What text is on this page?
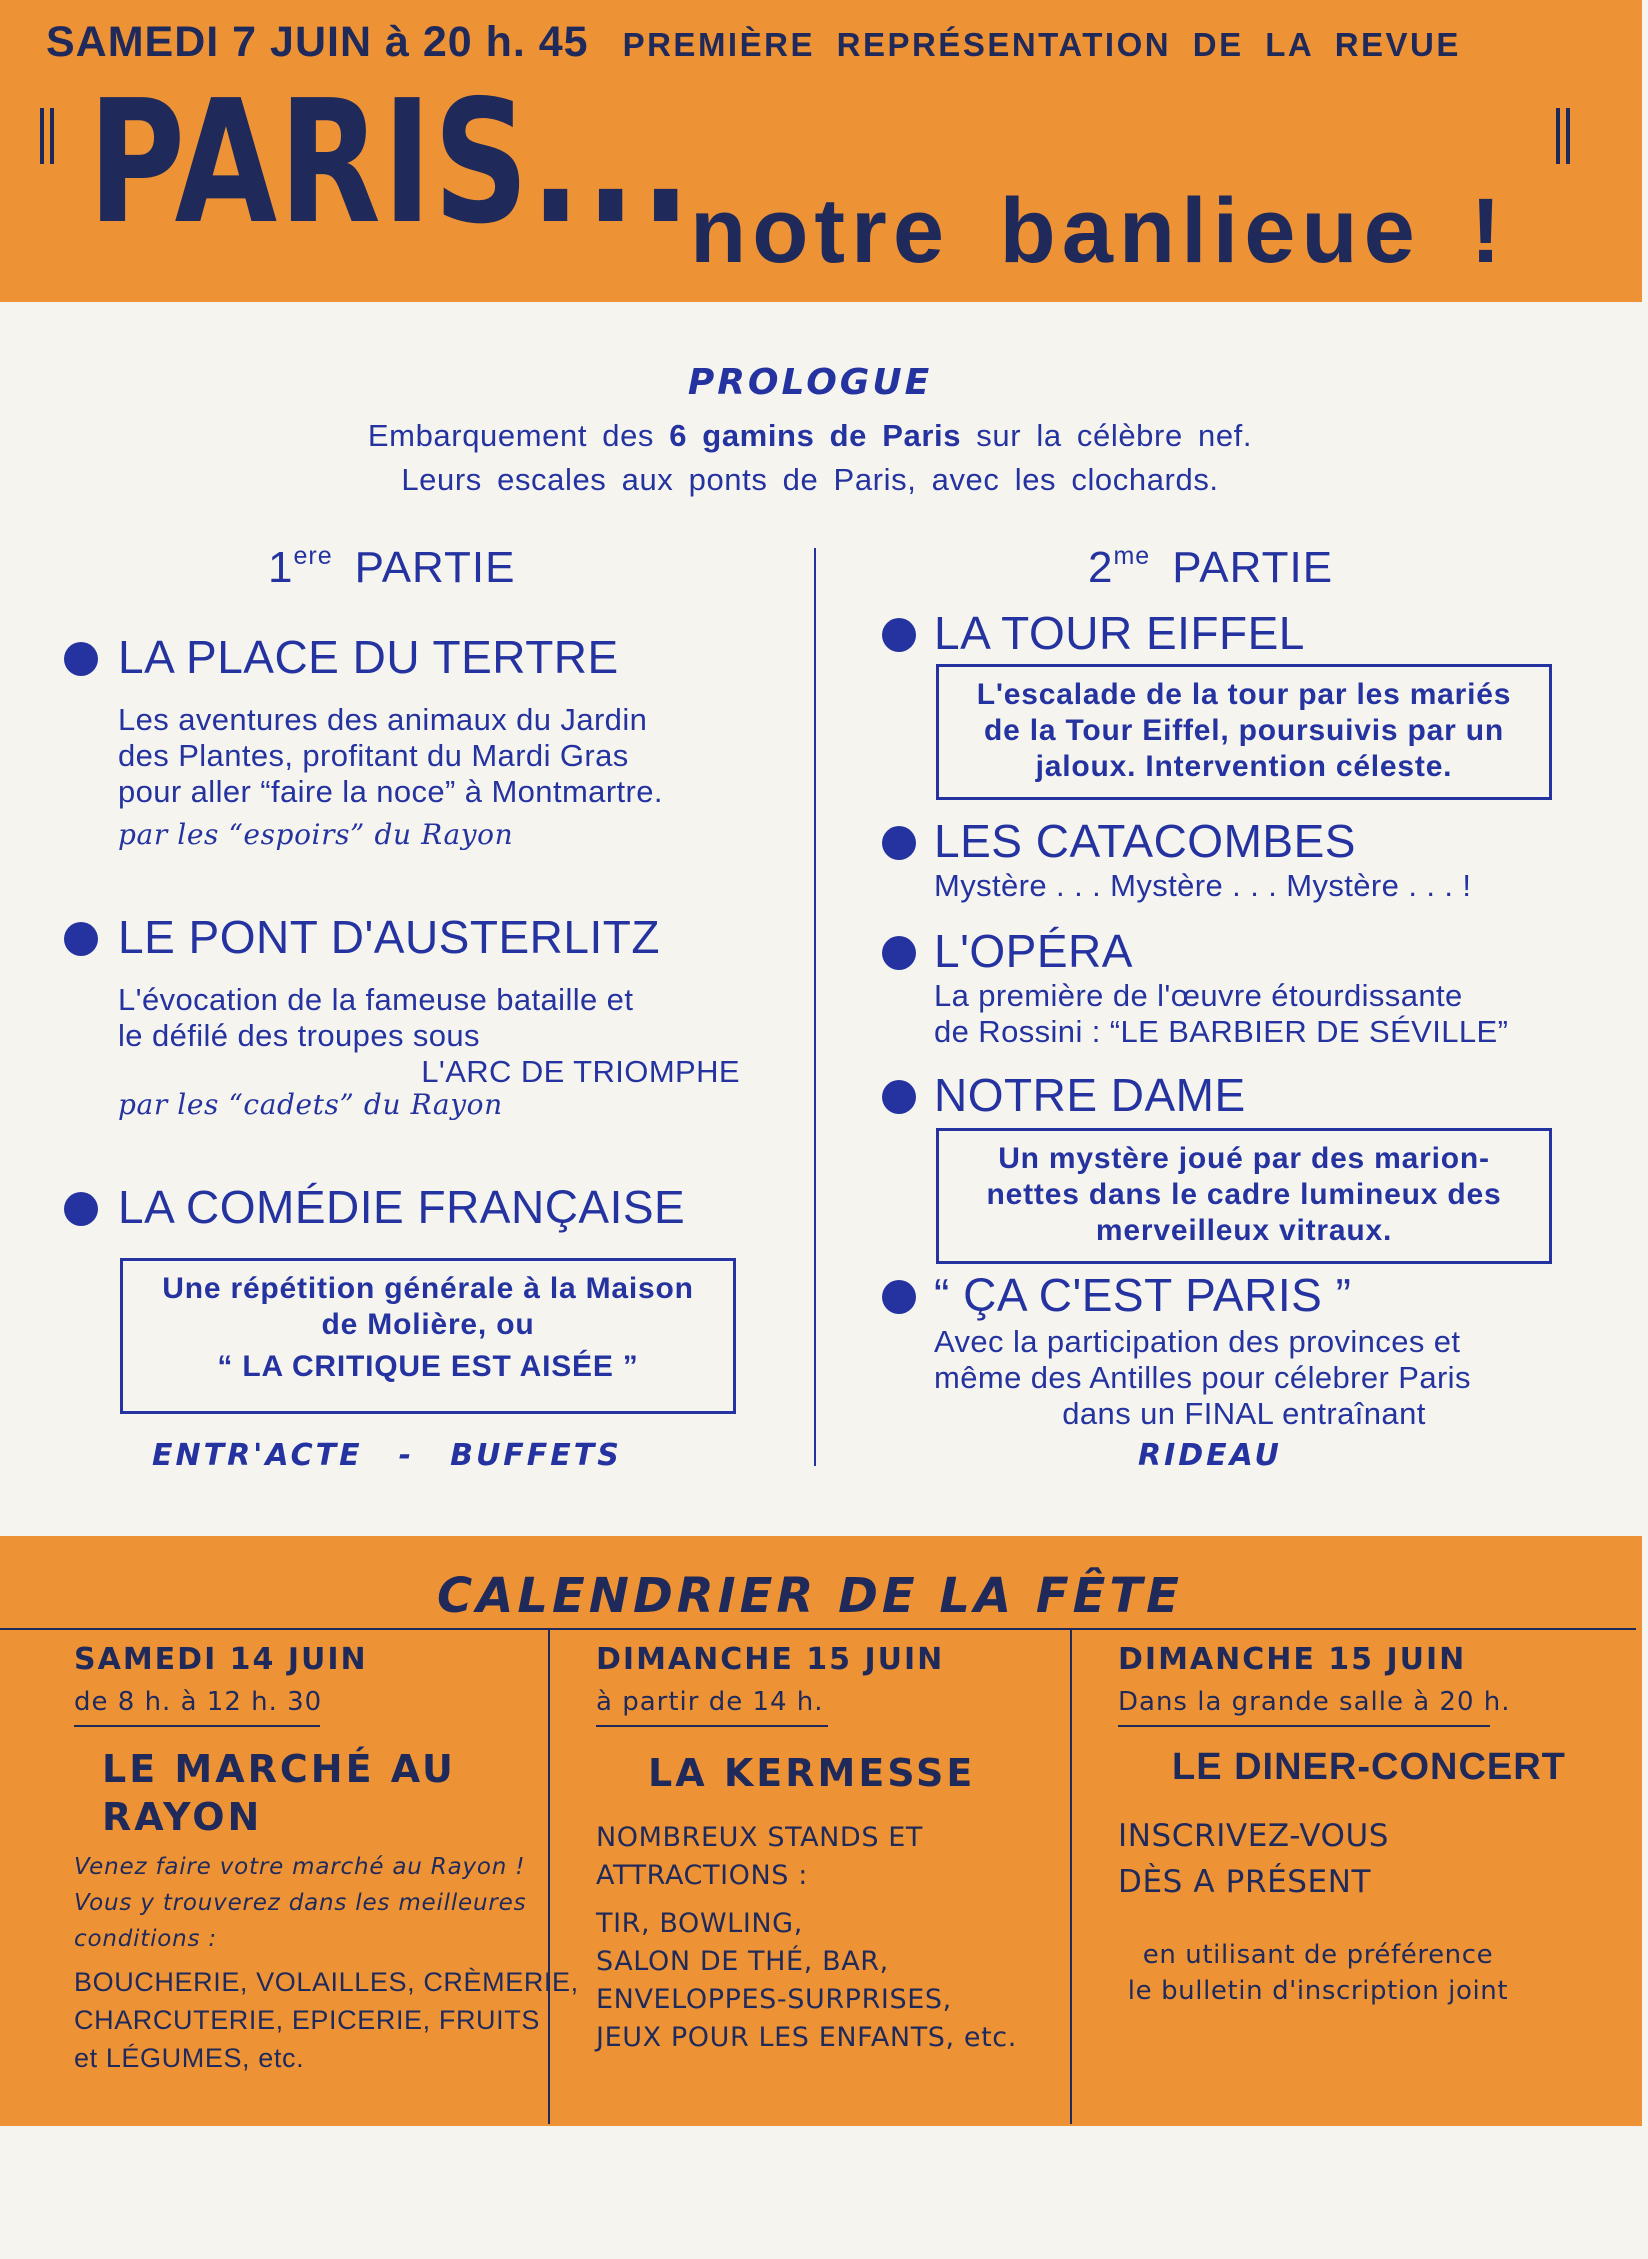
SAMEDI 7 JUIN à 20 h. 45 PREMIÈRE REPRÉSENTATION DE LA REVUE
PARIS...
notre banlieue !
PROLOGUE
Embarquement des 6 gamins de Paris sur la célèbre nef.
Leurs escales aux ponts de Paris, avec les clochards.
1ere PARTIE	$2^{me}$ PARTIE
LA PLACE DU TERTRE
Les aventures des animaux du Jardin
des Plantes, profitant du Mardi Gras
pour aller “faire la noce” à Montmartre.
par les “espoirs” du Rayon
LE PONT D'AUSTERLITZ
L'évocation de la fameuse bataille et
le défilé des troupes sous
L'ARC DE TRIOMPHE
par les “cadets” du Rayon
LA COMÉDIE FRANÇAISE
Une répétition générale à la Maison
de Molière, ou
“ LA CRITIQUE EST AISÉE ”
ENTR'ACTE - BUFFETS
LA TOUR EIFFEL
L'escalade de la tour par les mariés
de la Tour Eiffel, poursuivis par un
jaloux. Intervention céleste.
LES CATACOMBES
Mystère . . . Mystère . . . Mystère . . . !
L'OPÉRA
La première de l'œuvre étourdissante
de Rossini : “LE BARBIER DE SÉVILLE”
NOTRE DAME
Un mystère joué par des marion-
nettes dans le cadre lumineux des
merveilleux vitraux.
“ ÇA C'EST PARIS ”
Avec la participation des provinces et
même des Antilles pour célebrer Paris
dans un FINAL entraînant
RIDEAU
CALENDRIER DE LA FÊTE
SAMEDI 14 JUIN
de 8 h. à 12 h. 30
LE MARCHÉ AU
RAYON
Venez faire votre marché au Rayon !
Vous y trouverez dans les meilleures
conditions :
BOUCHERIE, VOLAILLES, CRÈMERIE,
CHARCUTERIE, EPICERIE, FRUITS
et LÉGUMES, etc.
DIMANCHE 15 JUIN
à partir de 14 h.
LA KERMESSE
NOMBREUX STANDS ET
ATTRACTIONS :
TIR, BOWLING,
SALON DE THÉ, BAR,
ENVELOPPES-SURPRISES,
JEUX POUR LES ENFANTS, etc.
DIMANCHE 15 JUIN
Dans la grande salle à 20 h.
LE DINER-CONCERT
INSCRIVEZ-VOUS
DÈS A PRÉSENT
en utilisant de préférence
le bulletin d'inscription joint
